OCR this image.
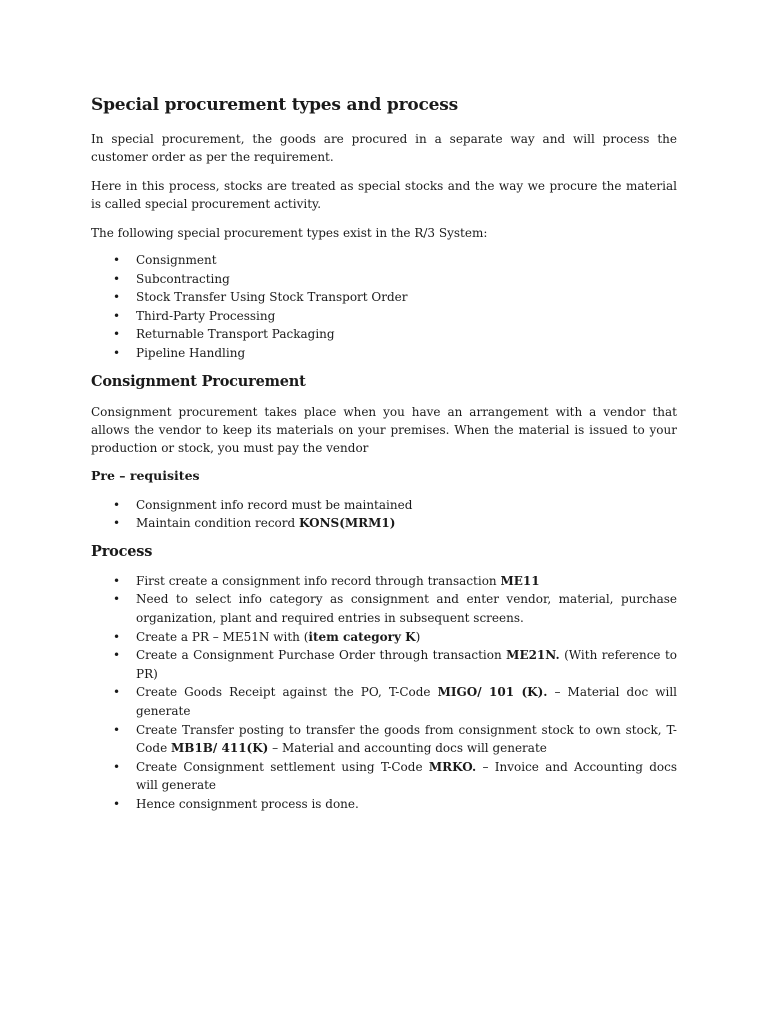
Special procurement types and process

In special procurement, the goods are procured in a separate way and will process the customer order as per the requirement.

Here in this process, stocks are treated as special stocks and the way we procure the material is called special procurement activity.

The following special procurement types exist in the R/3 System:

• Consignment
• Subcontracting
• Stock Transfer Using Stock Transport Order
• Third-Party Processing
• Returnable Transport Packaging
• Pipeline Handling
Consignment Procurement

Consignment procurement takes place when you have an arrangement with a vendor that allows the vendor to keep its materials on your premises. When the material is issued to your production or stock, you must pay the vendor

Pre – requisites
• Consignment info record must be maintained
• Maintain condition record KONS(MRM1)
Process
• First create a consignment info record through transaction ME11
• Need to select info category as consignment and enter vendor, material, purchase organization, plant and required entries in subsequent screens.
• Create a PR – ME51N with (item category K)
• Create a Consignment Purchase Order through transaction ME21N. (With reference to PR)
• Create Goods Receipt against the PO, T-Code MIGO/ 101 (K). – Material doc will generate
• Create Transfer posting to transfer the goods from consignment stock to own stock, T-Code MB1B/ 411(K) – Material and accounting docs will generate
• Create Consignment settlement using T-Code MRKO. – Invoice and Accounting docs will generate
• Hence consignment process is done.
